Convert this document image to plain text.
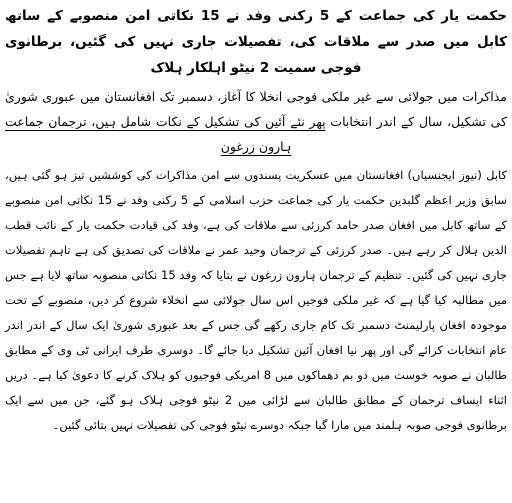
حکمت یار کی جماعت کے 5 رکنی وفد نے 15 نکاتی امن منصوبے کے ساتھ کابل میں صدر سے ملاقات کی، تفصیلات جاری نہیں کی گئیں، برطانوی فوجی سمیت 2 نیٹو اہلکار ہلاک
مذاکرات میں جولائی سے غیر ملکی فوجی انخلا کا آغاز، دسمبر تک افغانستان میں عبوری شوریٰ کی تشکیل، سال کے اندر انتخابات پھر نئے آئین کی تشکیل کے نکات شامل ہیں، ترجمان جماعت ہارون زرغون

کابل (نیوز ایجنسیاں) افغانستان میں عسکریت پسندوں سے امن مذاکرات کی کوششیں تیز ہو گئی ہیں، سابق وزیر اعظم گلبدین حکمت یار کی جماعت حزب اسلامی کے 5 رکنی وفد نے 15 نکاتی امن منصوبے کے ساتھ کابل میں افغان صدر حامد کرزئی سے ملاقات کی ہے، وفد کی قیادت حکمت یار کے نائب قطب الدین ہلال کر رہے ہیں۔ صدر کرزئی کے ترجمان وحید عمر نے ملاقات کی تصدیق کی ہے تاہم تفصیلات جاری نہیں کی گئیں۔ تنظیم کے ترجمان ہارون زرغون نے بتایا کہ وفد 15 نکاتی منصوبہ ساتھ لایا ہے جس میں مطالبہ کیا گیا ہے کہ غیر ملکی فوجیں اس سال جولائی سے انخلاء شروع کر دیں، منصوبے کے تحت موجودہ افغان پارلیمنٹ دسمبر تک کام جاری رکھے گی جس کے بعد عبوری شوریٰ ایک سال کے اندر اندر عام انتخابات کرائے گی اور پھر نیا افغان آئین تشکیل دیا جائے گا۔ دوسری طرف ایرانی ٹی وی کے مطابق طالبان نے صوبہ خوست میں دو بم دھماکوں میں 8 امریکی فوجیوں کو ہلاک کرنے کا دعویٰ کیا ہے۔ دریں اثناء ایساف ترجمان کے مطابق طالبان سے لڑائی میں 2 نیٹو فوجی ہلاک ہو گئے، جن میں سے ایک برطانوی فوجی صوبہ ہلمند میں مارا گیا جبکہ دوسرے نیٹو فوجی کی تفصیلات نہیں بتائی گئیں۔
